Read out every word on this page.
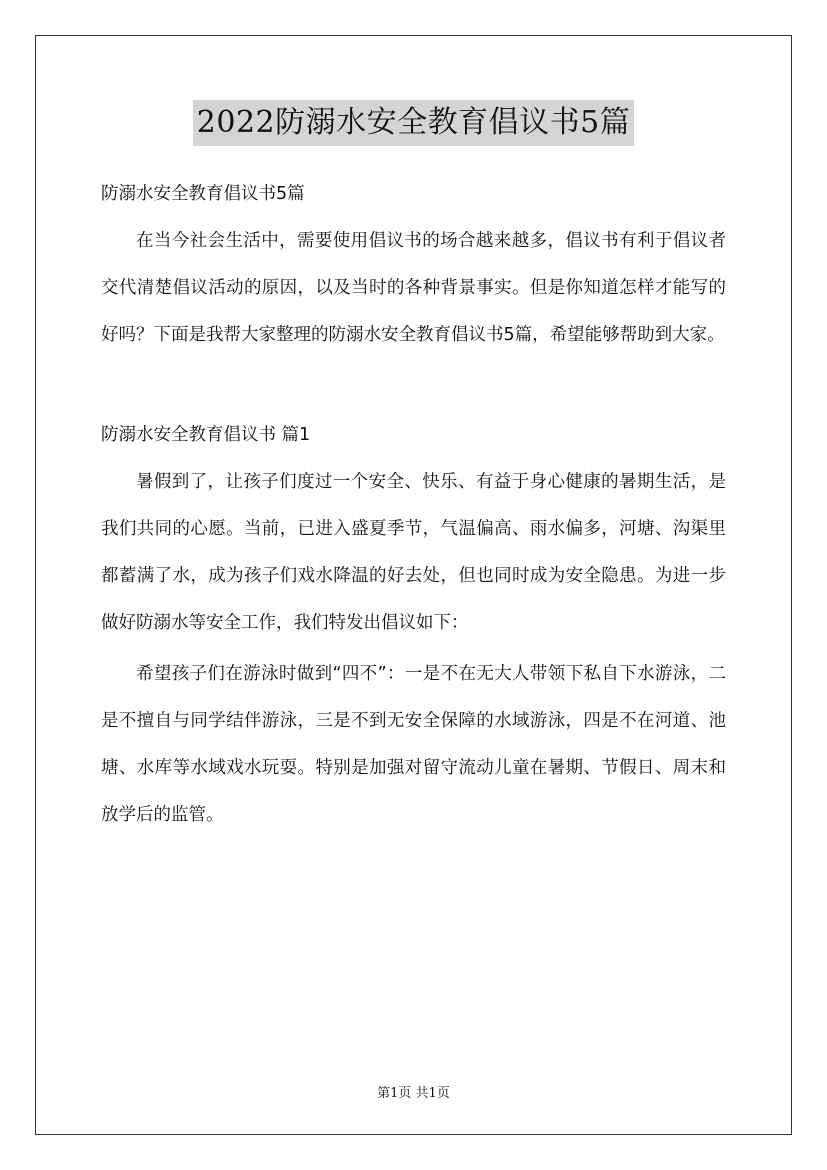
2022防溺水安全教育倡议书5篇

防溺水安全教育倡议书5篇

在当今社会生活中，需要使用倡议书的场合越来越多，倡议书有利于倡议者交代清楚倡议活动的原因，以及当时的各种背景事实。但是你知道怎样才能写的好吗？下面是我帮大家整理的防溺水安全教育倡议书5篇，希望能够帮助到大家。

防溺水安全教育倡议书 篇1

暑假到了，让孩子们度过一个安全、快乐、有益于身心健康的暑期生活，是我们共同的心愿。当前，已进入盛夏季节，气温偏高、雨水偏多，河塘、沟渠里都蓄满了水，成为孩子们戏水降温的好去处，但也同时成为安全隐患。为进一步做好防溺水等安全工作，我们特发出倡议如下：

希望孩子们在游泳时做到“四不”：一是不在无大人带领下私自下水游泳，二是不擅自与同学结伴游泳，三是不到无安全保障的水域游泳，四是不在河道、池塘、水库等水域戏水玩耍。特别是加强对留守流动儿童在暑期、节假日、周末和放学后的监管。

第1页 共1页
